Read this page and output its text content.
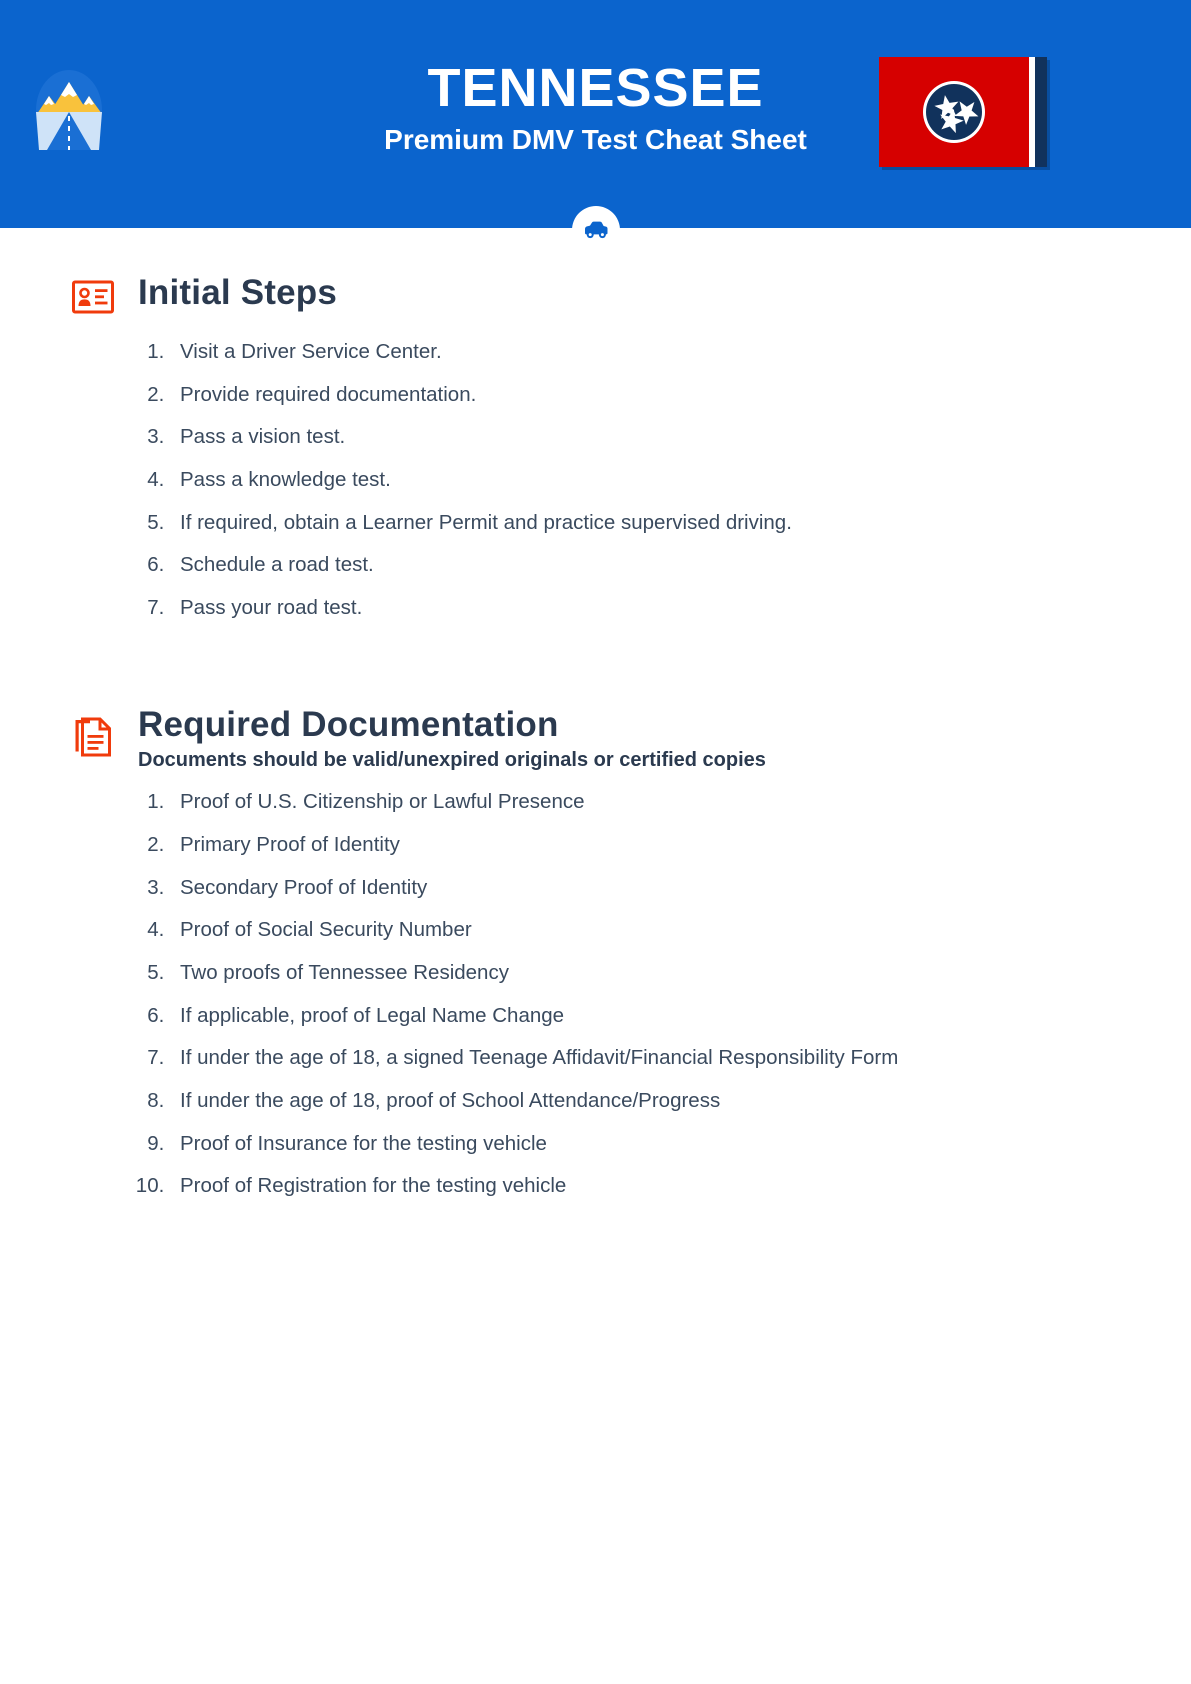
TENNESSEE
Premium DMV Test Cheat Sheet
Initial Steps
1. Visit a Driver Service Center.
2. Provide required documentation.
3. Pass a vision test.
4. Pass a knowledge test.
5. If required, obtain a Learner Permit and practice supervised driving.
6. Schedule a road test.
7. Pass your road test.
Required Documentation
Documents should be valid/unexpired originals or certified copies
1. Proof of U.S. Citizenship or Lawful Presence
2. Primary Proof of Identity
3. Secondary Proof of Identity
4. Proof of Social Security Number
5. Two proofs of Tennessee Residency
6. If applicable, proof of Legal Name Change
7. If under the age of 18, a signed Teenage Affidavit/Financial Responsibility Form
8. If under the age of 18, proof of School Attendance/Progress
9. Proof of Insurance for the testing vehicle
10. Proof of Registration for the testing vehicle
